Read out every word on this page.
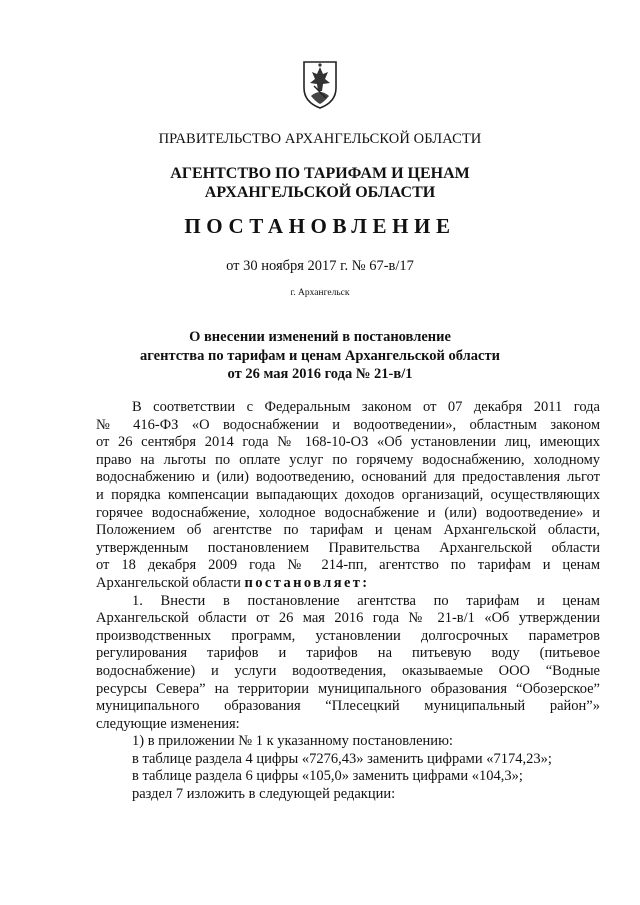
ПРАВИТЕЛЬСТВО АРХАНГЕЛЬСКОЙ ОБЛАСТИ
АГЕНТСТВО ПО ТАРИФАМ И ЦЕНАМ
АРХАНГЕЛЬСКОЙ ОБЛАСТИ
ПОСТАНОВЛЕНИЕ
от 30 ноября 2017 г. № 67-в/17
г. Архангельск
О внесении изменений в постановление
агентства по тарифам и ценам Архангельской области
от 26 мая 2016 года № 21-в/1
В соответствии с Федеральным законом от 07 декабря 2011 года
№ 416-ФЗ «О водоснабжении и водоотведении», областным законом
от 26 сентября 2014 года № 168-10-ОЗ «Об установлении лиц, имеющих
право на льготы по оплате услуг по горячему водоснабжению, холодному
водоснабжению и (или) водоотведению, оснований для предоставления льгот
и порядка компенсации выпадающих доходов организаций, осуществляющих
горячее водоснабжение, холодное водоснабжение и (или) водоотведение» и
Положением об агентстве по тарифам и ценам Архангельской области,
утвержденным постановлением Правительства Архангельской области
от 18 декабря 2009 года № 214-пп, агентство по тарифам и ценам
Архангельской области постановляет:
1. Внести в постановление агентства по тарифам и ценам
Архангельской области от 26 мая 2016 года № 21-в/1 «Об утверждении
производственных программ, установлении долгосрочных параметров
регулирования тарифов и тарифов на питьевую воду (питьевое
водоснабжение) и услуги водоотведения, оказываемые ООО “Водные
ресурсы Севера” на территории муниципального образования “Обозерское”
муниципального образования “Плесецкий муниципальный район”»
следующие изменения:
1) в приложении № 1 к указанному постановлению:
в таблице раздела 4 цифры «7276,43» заменить цифрами «7174,23»;
в таблице раздела 6 цифры «105,0» заменить цифрами «104,3»;
раздел 7 изложить в следующей редакции:
